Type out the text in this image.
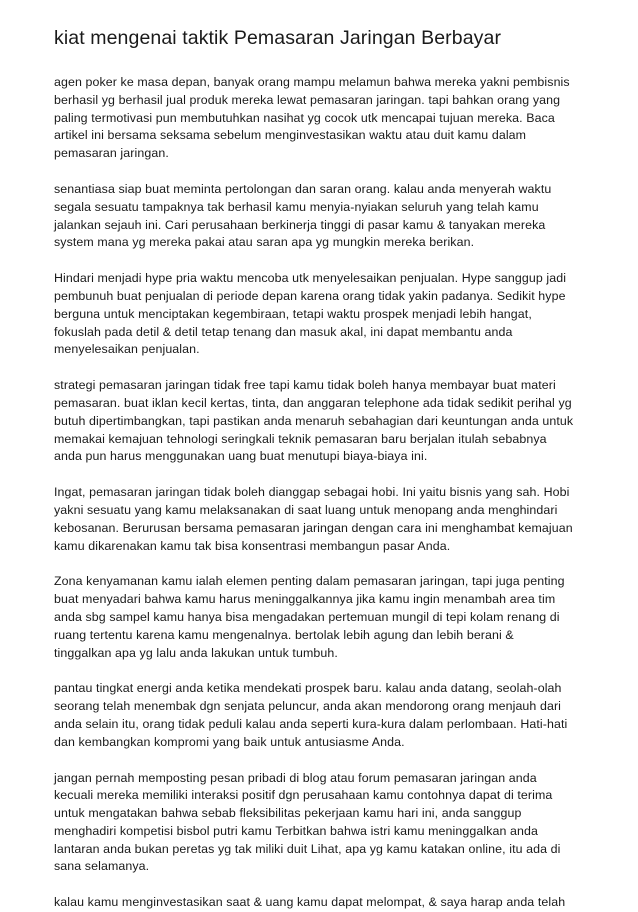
kiat mengenai taktik Pemasaran Jaringan Berbayar

agen poker ke masa depan, banyak orang mampu melamun bahwa mereka yakni pembisnis
berhasil yg berhasil jual produk mereka lewat pemasaran jaringan. tapi bahkan orang yang
paling termotivasi pun membutuhkan nasihat yg cocok utk mencapai tujuan mereka. Baca
artikel ini bersama seksama sebelum menginvestasikan waktu atau duit kamu dalam
pemasaran jaringan.

senantiasa siap buat meminta pertolongan dan saran orang. kalau anda menyerah waktu
segala sesuatu tampaknya tak berhasil kamu menyia-nyiakan seluruh yang telah kamu
jalankan sejauh ini. Cari perusahaan berkinerja tinggi di pasar kamu & tanyakan mereka
system mana yg mereka pakai atau saran apa yg mungkin mereka berikan.

Hindari menjadi hype pria waktu mencoba utk menyelesaikan penjualan. Hype sanggup jadi
pembunuh buat penjualan di periode depan karena orang tidak yakin padanya. Sedikit hype
berguna untuk menciptakan kegembiraan, tetapi waktu prospek menjadi lebih hangat,
fokuslah pada detil & detil tetap tenang dan masuk akal, ini dapat membantu anda
menyelesaikan penjualan.

strategi pemasaran jaringan tidak free tapi kamu tidak boleh hanya membayar buat materi
pemasaran. buat iklan kecil kertas, tinta, dan anggaran telephone ada tidak sedikit perihal yg
butuh dipertimbangkan, tapi pastikan anda menaruh sebahagian dari keuntungan anda untuk
memakai kemajuan tehnologi seringkali teknik pemasaran baru berjalan itulah sebabnya
anda pun harus menggunakan uang buat menutupi biaya-biaya ini.

Ingat, pemasaran jaringan tidak boleh dianggap sebagai hobi. Ini yaitu bisnis yang sah. Hobi
yakni sesuatu yang kamu melaksanakan di saat luang untuk menopang anda menghindari
kebosanan. Berurusan bersama pemasaran jaringan dengan cara ini menghambat kemajuan
kamu dikarenakan kamu tak bisa konsentrasi membangun pasar Anda.

Zona kenyamanan kamu ialah elemen penting dalam pemasaran jaringan, tapi juga penting
buat menyadari bahwa kamu harus meninggalkannya jika kamu ingin menambah area tim
anda sbg sampel kamu hanya bisa mengadakan pertemuan mungil di tepi kolam renang di
ruang tertentu karena kamu mengenalnya. bertolak lebih agung dan lebih berani &
tinggalkan apa yg lalu anda lakukan untuk tumbuh.

pantau tingkat energi anda ketika mendekati prospek baru. kalau anda datang, seolah-olah
seorang telah menembak dgn senjata peluncur, anda akan mendorong orang menjauh dari
anda selain itu, orang tidak peduli kalau anda seperti kura-kura dalam perlombaan. Hati-hati
dan kembangkan kompromi yang baik untuk antusiasme Anda.

jangan pernah memposting pesan pribadi di blog atau forum pemasaran jaringan anda
kecuali mereka memiliki interaksi positif dgn perusahaan kamu contohnya dapat di terima
untuk mengatakan bahwa sebab fleksibilitas pekerjaan kamu hari ini, anda sanggup
menghadiri kompetisi bisbol putri kamu Terbitkan bahwa istri kamu meninggalkan anda
lantaran anda bukan peretas yg tak miliki duit Lihat, apa yg kamu katakan online, itu ada di
sana selamanya.

kalau kamu menginvestasikan saat & uang kamu dapat melompat, & saya harap anda telah
